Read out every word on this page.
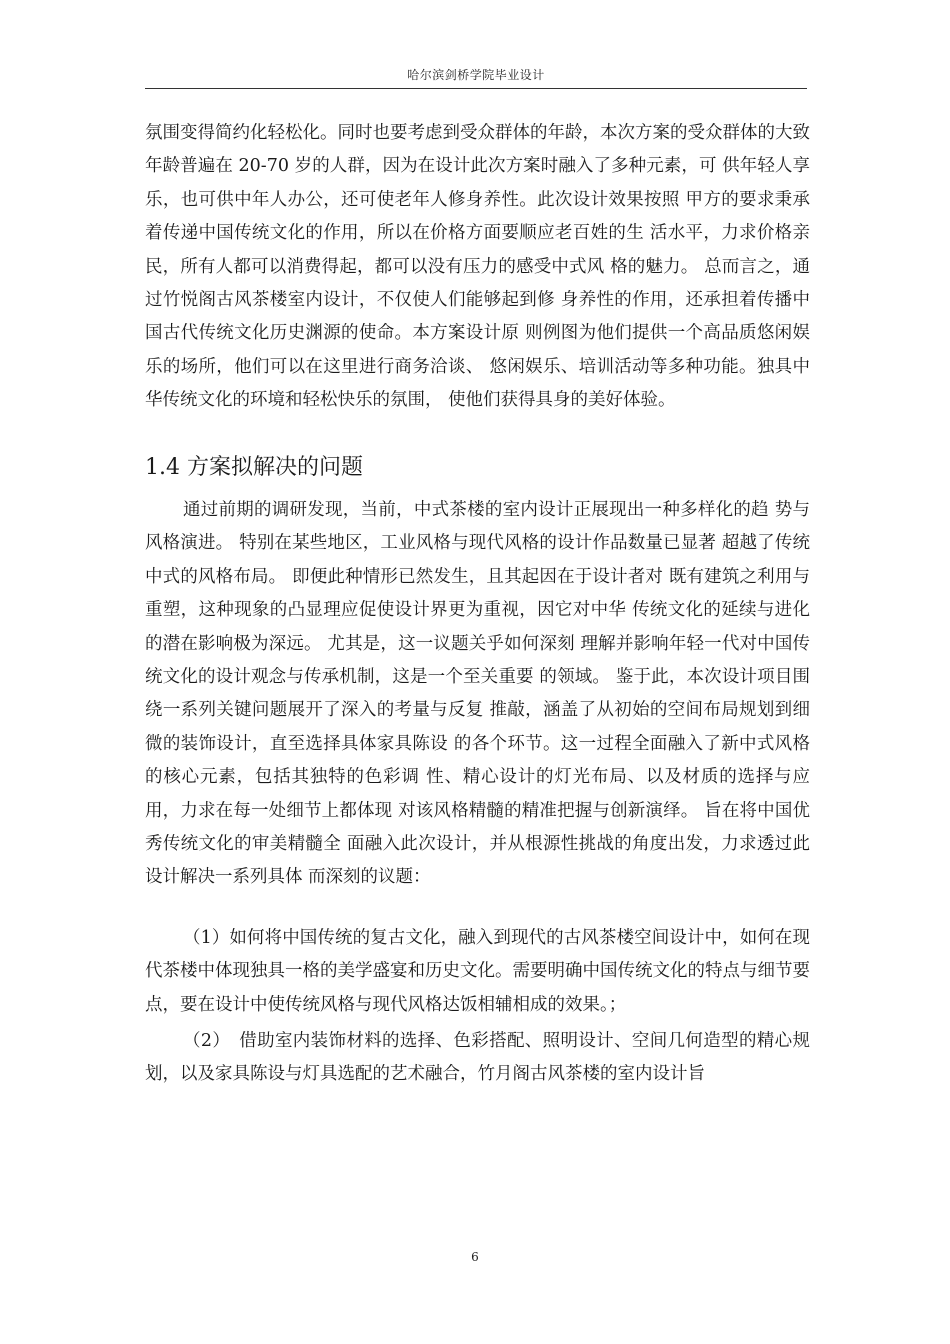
哈尔滨剑桥学院毕业设计

氛围变得简约化轻松化。同时也要考虑到受众群体的年龄，本次方案的受众群体的大致年龄普遍在 20-70 岁的人群，因为在设计此次方案时融入了多种元素，可 供年轻人享乐，也可供中年人办公，还可使老年人修身养性。此次设计效果按照 甲方的要求秉承着传递中国传统文化的作用，所以在价格方面要顺应老百姓的生 活水平，力求价格亲民，所有人都可以消费得起，都可以没有压力的感受中式风 格的魅力。 总而言之，通过竹悦阁古风茶楼室内设计，不仅使人们能够起到修 身养性的作用，还承担着传播中国古代传统文化历史渊源的使命。本方案设计原 则例图为他们提供一个高品质悠闲娱乐的场所，他们可以在这里进行商务洽谈、 悠闲娱乐、培训活动等多种功能。独具中华传统文化的环境和轻松快乐的氛围， 使他们获得具身的美好体验。

1.4 方案拟解决的问题

通过前期的调研发现，当前，中式茶楼的室内设计正展现出一种多样化的趋 势与风格演进。 特别在某些地区，工业风格与现代风格的设计作品数量已显著 超越了传统中式的风格布局。 即便此种情形已然发生，且其起因在于设计者对 既有建筑之利用与重塑，这种现象的凸显理应促使设计界更为重视，因它对中华 传统文化的延续与进化的潜在影响极为深远。 尤其是，这一议题关乎如何深刻 理解并影响年轻一代对中国传统文化的设计观念与传承机制，这是一个至关重要 的领域。 鉴于此，本次设计项目围绕一系列关键问题展开了深入的考量与反复 推敲，涵盖了从初始的空间布局规划到细微的装饰设计，直至选择具体家具陈设 的各个环节。这一过程全面融入了新中式风格的核心元素，包括其独特的色彩调 性、精心设计的灯光布局、以及材质的选择与应用，力求在每一处细节上都体现 对该风格精髓的精准把握与创新演绎。 旨在将中国优秀传统文化的审美精髓全 面融入此次设计，并从根源性挑战的角度出发，力求透过此设计解决一系列具体 而深刻的议题：

（1）如何将中国传统的复古文化，融入到现代的古风茶楼空间设计中，如何在现代茶楼中体现独具一格的美学盛宴和历史文化。需要明确中国传统文化的特点与细节要点，要在设计中使传统风格与现代风格达饭相辅相成的效果。；

（2）　借助室内装饰材料的选择、色彩搭配、照明设计、空间几何造型的精心规划，以及家具陈设与灯具选配的艺术融合，竹月阁古风茶楼的室内设计旨

6
